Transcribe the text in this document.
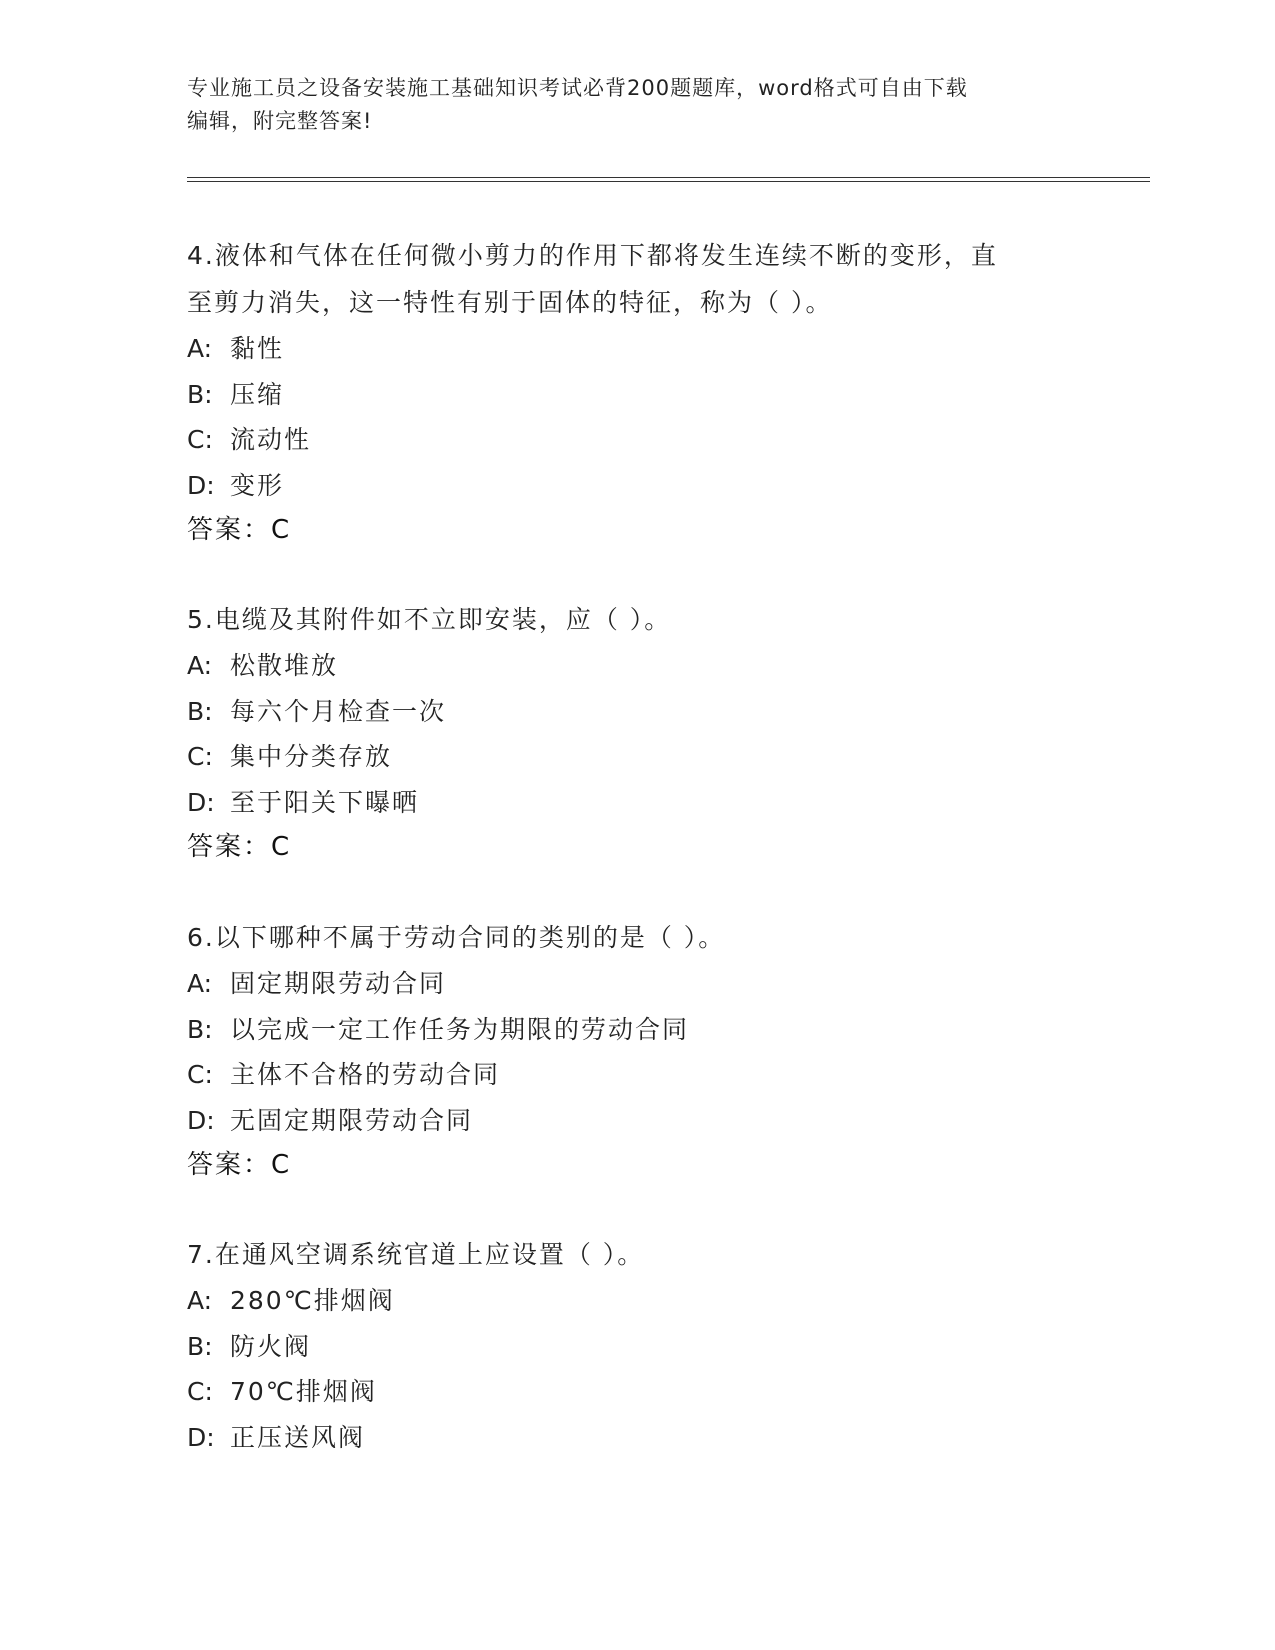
专业施工员之设备安装施工基础知识考试必背200题题库，word格式可自由下载
编辑，附完整答案!

4.液体和气体在任何微小剪力的作用下都将发生连续不断的变形，直

至剪力消失，这一特性有别于固体的特征，称为（ ）。

A: 黏性

B: 压缩

C: 流动性

D: 变形

答案：C

5.电缆及其附件如不立即安装，应（ ）。

A: 松散堆放

B: 每六个月检查一次

C: 集中分类存放

D: 至于阳关下曝晒

答案：C

6.以下哪种不属于劳动合同的类别的是（ ）。

A: 固定期限劳动合同

B: 以完成一定工作任务为期限的劳动合同

C: 主体不合格的劳动合同

D: 无固定期限劳动合同

答案：C

7.在通风空调系统官道上应设置（ ）。

A: 280℃排烟阀

B: 防火阀

C: 70℃排烟阀

D: 正压送风阀
